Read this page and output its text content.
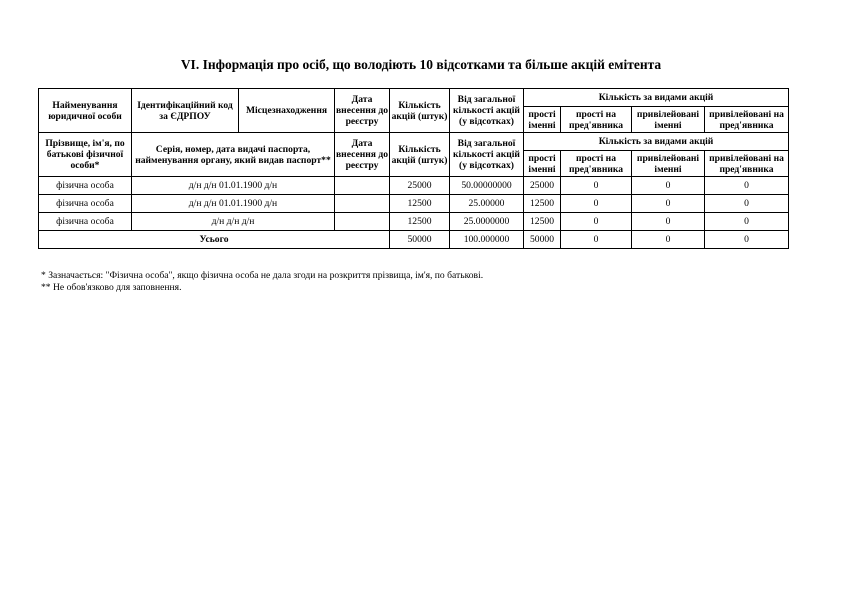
VI. Інформація про осіб, що володіють 10 відсотками та більше акцій емітента
Найменування юридичної особи	Ідентифікаційний код за ЄДРПОУ	Місцезнаходження	Дата внесення до реєстру	Кількість акцій (штук)	Від загальної кількості акцій (у відсотках)	Кількість за видами акцій			
						прості іменні	прості на пред'явника	привілейовані іменні	привілейовані на пред'явника
Прізвище, ім'я, по батькові фізичної особи*	Серія, номер, дата видачі паспорта, найменування органу, який видав паспорт**		Дата внесення до реєстру	Кількість акцій (штук)	Від загальної кількості акцій (у відсотках)	Кількість за видами акцій			
						прості іменні	прості на пред'явника	привілейовані іменні	привілейовані на пред'явника
фізична особа	д/н д/н 01.01.1900 д/н			25000	50.00000000	25000	0	0	0
фізична особа	д/н д/н 01.01.1900 д/н			12500	25.00000	12500	0	0	0
фізична особа	д/н д/н д/н			12500	25.0000000	12500	0	0	0
Усього				50000	100.000000	50000	0	0	0
* Зазначається: "Фізична особа", якщо фізична особа не дала згоди на розкриття прізвища, ім'я, по батькові.
** Не обов'язково для заповнення.
